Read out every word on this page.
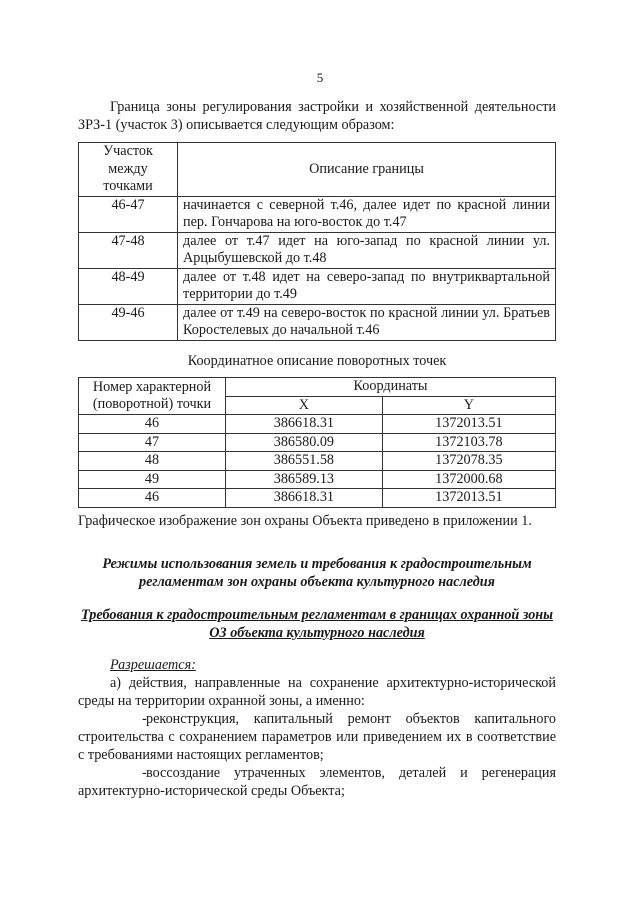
5

Граница зоны регулирования застройки и хозяйственной деятельности ЗРЗ-1 (участок 3) описывается следующим образом:

Участок между точками	Описание границы
46-47	начинается с северной т.46, далее идет по красной линии пер. Гончарова на юго-восток до т.47
47-48	далее от т.47 идет на юго-запад по красной линии ул. Арцыбушевской до т.48
48-49	далее от т.48 идет на северо-запад по внутриквартальной территории до т.49
49-46	далее от т.49 на северо-восток по красной линии ул. Братьев Коростелевых до начальной т.46
Координатное описание поворотных точек
Номер характерной (поворотной) точки	Координаты	
	X	Y
46	386618.31	1372013.51
47	386580.09	1372103.78
48	386551.58	1372078.35
49	386589.13	1372000.68
46	386618.31	1372013.51

Графическое изображение зон охраны Объекта приведено в приложении 1.

Режимы использования земель и требования к градостроительным регламентам зон охраны объекта культурного наследия
Требования к градостроительным регламентам в границах охранной зоны ОЗ объекта культурного наследия

Разрешается:

а) действия, направленные на сохранение архитектурно-исторической среды на территории охранной зоны, а именно:

-реконструкция, капитальный ремонт объектов капитального строительства с сохранением параметров или приведением их в соответствие с требованиями настоящих регламентов;

-воссоздание утраченных элементов, деталей и регенерация архитектурно-исторической среды Объекта;
